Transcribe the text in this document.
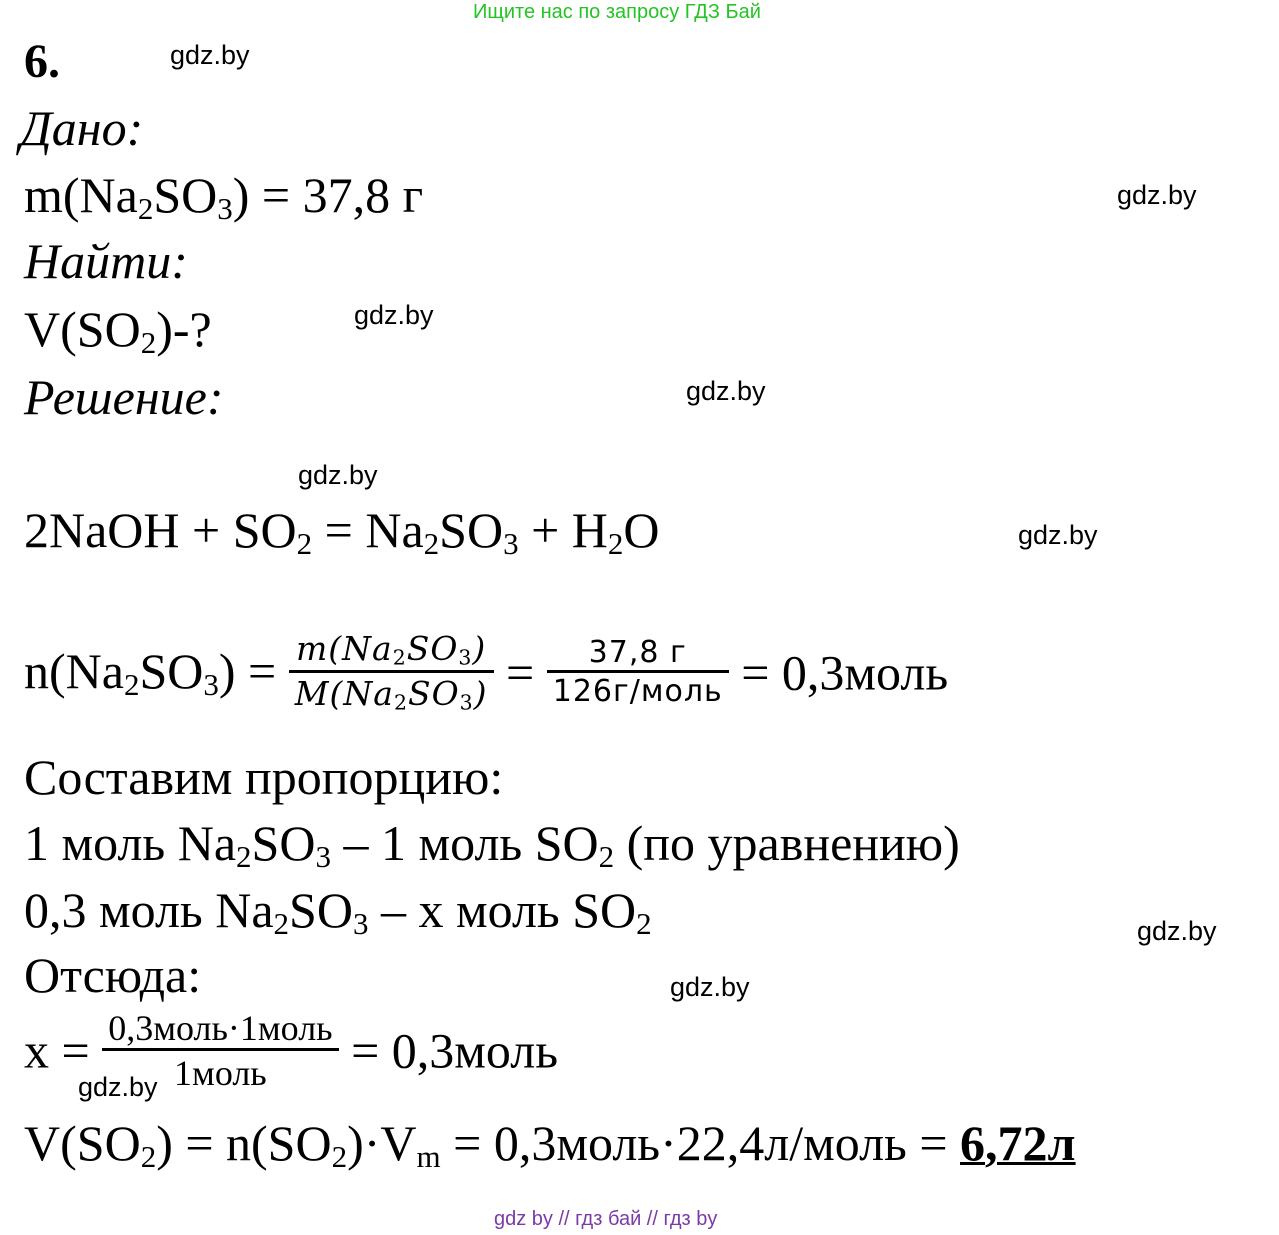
Ищите нас по запросу ГДЗ Бай
6.	gdz.by
gdz.by
gdz.by
gdz.by
gdz.by
gdz.by
gdz.by
gdz.by
gdz.by
Дано:
$m(Na_2SO_3) = 37,8$ г
Найти:
$V(SO_2)-$?
Решение:
2NaOH + $SO_2 = Na_2SO_3 + H_2O$
$n(Na_2SO_3) = \frac{m(Na_2SO_3)}{M(Na_2SO_3)} = \frac{37,8 г}{\text{126г/моль}}$ = 0,3моль
Составим пропорцию:
1 моль $Na_2SO_3 - 1$ моль $SO_2$ (по уравнению)
0,3 моль $Na_2SO_3$ – x моль $SO_2$
Отсюда:
$x = \frac{\text{0,3моль·1моль}}{\text{1моль}}$ = 0,3моль
$V(SO_2) = n(SO_2)\cdot V_m$ = 0,3моль·22,4л/моль = 6,72л
gdz by // гдз бай // гдз by
